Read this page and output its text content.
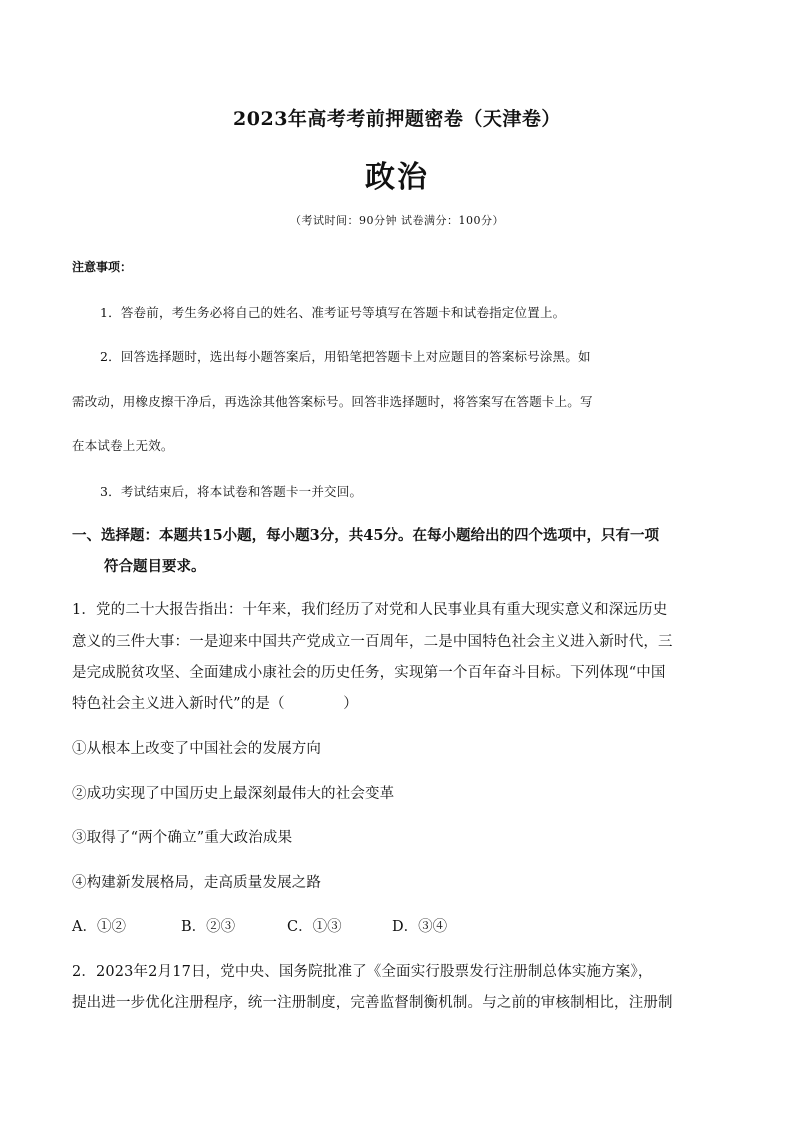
2023年高考考前押题密卷（天津卷）
政治
（考试时间：90分钟 试卷满分：100分）
注意事项：
1．答卷前，考生务必将自己的姓名、准考证号等填写在答题卡和试卷指定位置上。
2．回答选择题时，选出每小题答案后，用铅笔把答题卡上对应题目的答案标号涂黑。如
需改动，用橡皮擦干净后，再选涂其他答案标号。回答非选择题时，将答案写在答题卡上。写
在本试卷上无效。
3．考试结束后，将本试卷和答题卡一并交回。
一、选择题：本题共15小题，每小题3分，共45分。在每小题给出的四个选项中，只有一项
符合题目要求。
1．党的二十大报告指出：十年来，我们经历了对党和人民事业具有重大现实意义和深远历史
意义的三件大事：一是迎来中国共产党成立一百周年，二是中国特色社会主义进入新时代，三
是完成脱贫攻坚、全面建成小康社会的历史任务，实现第一个百年奋斗目标。下列体现“中国
特色社会主义进入新时代”的是（　　　　）
①从根本上改变了中国社会的发展方向
②成功实现了中国历史上最深刻最伟大的社会变革
③取得了“两个确立”重大政治成果
④构建新发展格局，走高质量发展之路
A．①②	B．②③	C．①③	D．③④
2．2023年2月17日，党中央、国务院批准了《全面实行股票发行注册制总体实施方案》，
提出进一步优化注册程序，统一注册制度，完善监督制衡机制。与之前的审核制相比，注册制
